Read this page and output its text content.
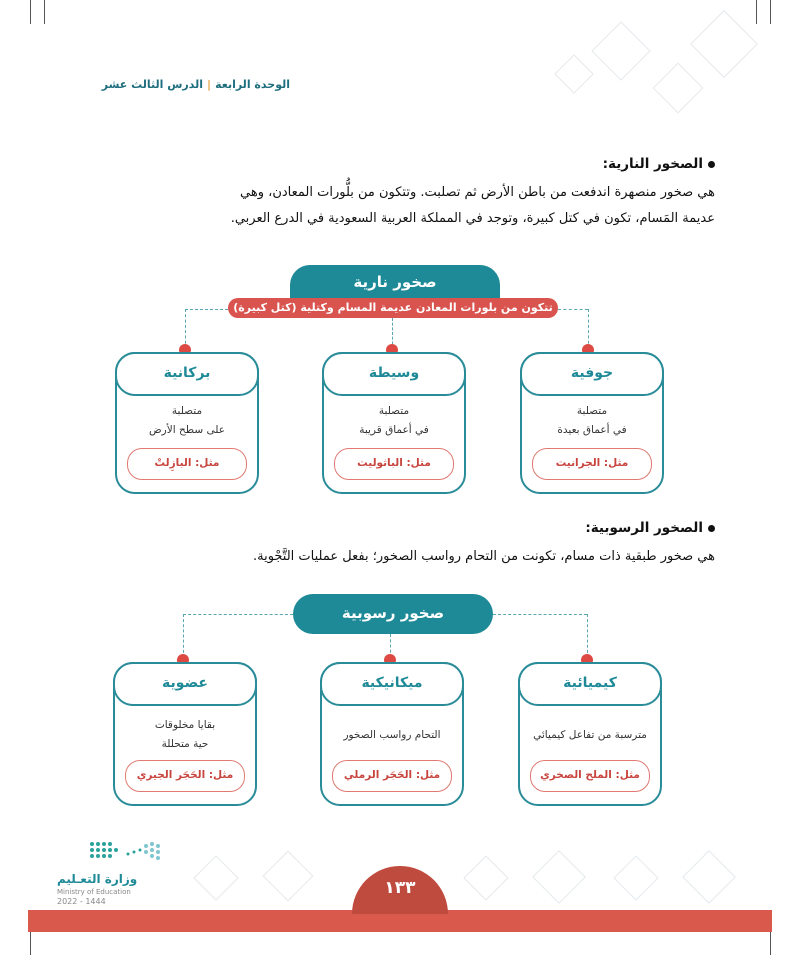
الوحدة الرابعة|الدرس الثالث عشر
الصخور النارية:
هي صخور منصهرة اندفعت من باطن الأرض ثم تصلبت. وتتكون من بلُّورات المعادن، وهي
عديمة المَسام، تكون في كتل كبيرة، وتوجد في المملكة العربية السعودية في الدرع العربي.
صخور نارية
تتكون من بلورات المعادن عديمة المسام وكتلية (كتل كبيرة)
بركانية
متصلبة
على سطح الأرض
مثل: البازِلتْ
وسيطة
متصلبة
في أعماق قريبة
مثل: الباثوليت
جوفية
متصلبة
في أعماق بعيدة
مثل: الجرانيت
الصخور الرسوبية:
هي صخور طبقية ذات مسام، تكونت من التحام رواسب الصخور؛ بفعل عمليات التَّجْوية.
صخور رسوبية
عضوية
بقايا مخلوقات
حية متحللة
مثل: الحَجَر الجيري
ميكانيكية
التحام رواسب الصخور
مثل: الحَجَر الرملي
كيميائية
مترسبة من تفاعل كيميائي
مثل: الملح الصخري
وزارة التعـليم
Ministry of Education
2022 - 1444
١٣٣
